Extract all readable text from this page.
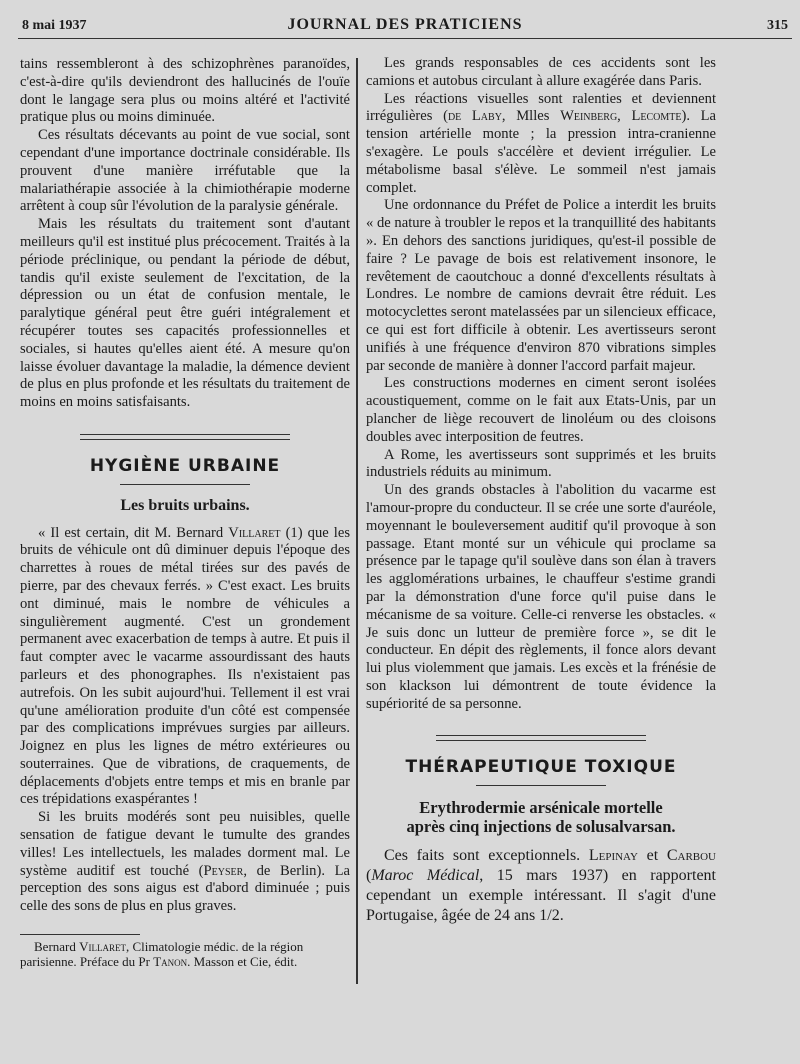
8 mai 1937	JOURNAL DES PRATICIENS	315

tains ressembleront à des schizophrènes paranoïdes, c'est-à-dire qu'ils deviendront des hallucinés de l'ouïe dont le langage sera plus ou moins altéré et l'activité pratique plus ou moins diminuée.

Ces résultats décevants au point de vue social, sont cependant d'une importance doctrinale considérable. Ils prouvent d'une manière irréfutable que la malariathérapie associée à la chimiothérapie moderne arrêtent à coup sûr l'évolution de la paralysie générale.

Mais les résultats du traitement sont d'autant meilleurs qu'il est institué plus précocement. Traités à la période préclinique, ou pendant la période de début, tandis qu'il existe seulement de l'excitation, de la dépression ou un état de confusion mentale, le paralytique général peut être guéri intégralement et récupérer toutes ses capacités professionnelles et sociales, si hautes qu'elles aient été. A mesure qu'on laisse évoluer davantage la maladie, la démence devient de plus en plus profonde et les résultats du traitement de moins en moins satisfaisants.

HYGIÈNE URBAINE
Les bruits urbains.

« Il est certain, dit M. Bernard Villaret (1) que les bruits de véhicule ont dû diminuer depuis l'époque des charrettes à roues de métal tirées sur des pavés de pierre, par des chevaux ferrés. » C'est exact. Les bruits ont diminué, mais le nombre de véhicules a singulièrement augmenté. C'est un grondement permanent avec exacerbation de temps à autre. Et puis il faut compter avec le vacarme assourdissant des hauts parleurs et des phonographes. Ils n'existaient pas autrefois. On les subit aujourd'hui. Tellement il est vrai qu'une amélioration produite d'un côté est compensée par des complications imprévues surgies par ailleurs. Joignez en plus les lignes de métro extérieures ou souterraines. Que de vibrations, de craquements, de déplacements d'objets entre temps et mis en branle par ces trépidations exaspérantes !

Si les bruits modérés sont peu nuisibles, quelle sensation de fatigue devant le tumulte des grandes villes! Les intellectuels, les malades dorment mal. Le système auditif est touché (Peyser, de Berlin). La perception des sons aigus est d'abord diminuée ; puis celle des sons de plus en plus graves.

Bernard Villaret, Climatologie médic. de la région parisienne. Préface du Pr Tanon. Masson et Cie, édit.

Les grands responsables de ces accidents sont les camions et autobus circulant à allure exagérée dans Paris.

Les réactions visuelles sont ralenties et deviennent irrégulières (de Laby, Mlles Weinberg, Lecomte). La tension artérielle monte ; la pression intra-cranienne s'exagère. Le pouls s'accélère et devient irrégulier. Le métabolisme basal s'élève. Le sommeil n'est jamais complet.

Une ordonnance du Préfet de Police a interdit les bruits « de nature à troubler le repos et la tranquillité des habitants ». En dehors des sanctions juridiques, qu'est-il possible de faire ? Le pavage de bois est relativement insonore, le revêtement de caoutchouc a donné d'excellents résultats à Londres. Le nombre de camions devrait être réduit. Les motocyclettes seront matelassées par un silencieux efficace, ce qui est fort difficile à obtenir. Les avertisseurs seront unifiés à une fréquence d'environ 870 vibrations simples par seconde de manière à donner l'accord parfait majeur.

Les constructions modernes en ciment seront isolées acoustiquement, comme on le fait aux Etats-Unis, par un plancher de liège recouvert de linoléum ou des cloisons doubles avec interposition de feutres.

A Rome, les avertisseurs sont supprimés et les bruits industriels réduits au minimum.

Un des grands obstacles à l'abolition du vacarme est l'amour-propre du conducteur. Il se crée une sorte d'auréole, moyennant le bouleversement auditif qu'il provoque à son passage. Etant monté sur un véhicule qui proclame sa présence par le tapage qu'il soulève dans son élan à travers les agglomérations urbaines, le chauffeur s'estime grandi par la démonstration d'une force qu'il puise dans le mécanisme de sa voiture. Celle-ci renverse les obstacles. « Je suis donc un lutteur de première force », se dit le conducteur. En dépit des règlements, il fonce alors devant lui plus violemment que jamais. Les excès et la frénésie de son klackson lui démontrent de toute évidence la supériorité de sa personne.

THÉRAPEUTIQUE TOXIQUE
Erythrodermie arsénicale mortelle
après cinq injections de solusalvarsan.

Ces faits sont exceptionnels. Lepinay et Carbou (Maroc Médical, 15 mars 1937) en rapportent cependant un exemple intéressant. Il s'agit d'une Portugaise, âgée de 24 ans 1/2.
